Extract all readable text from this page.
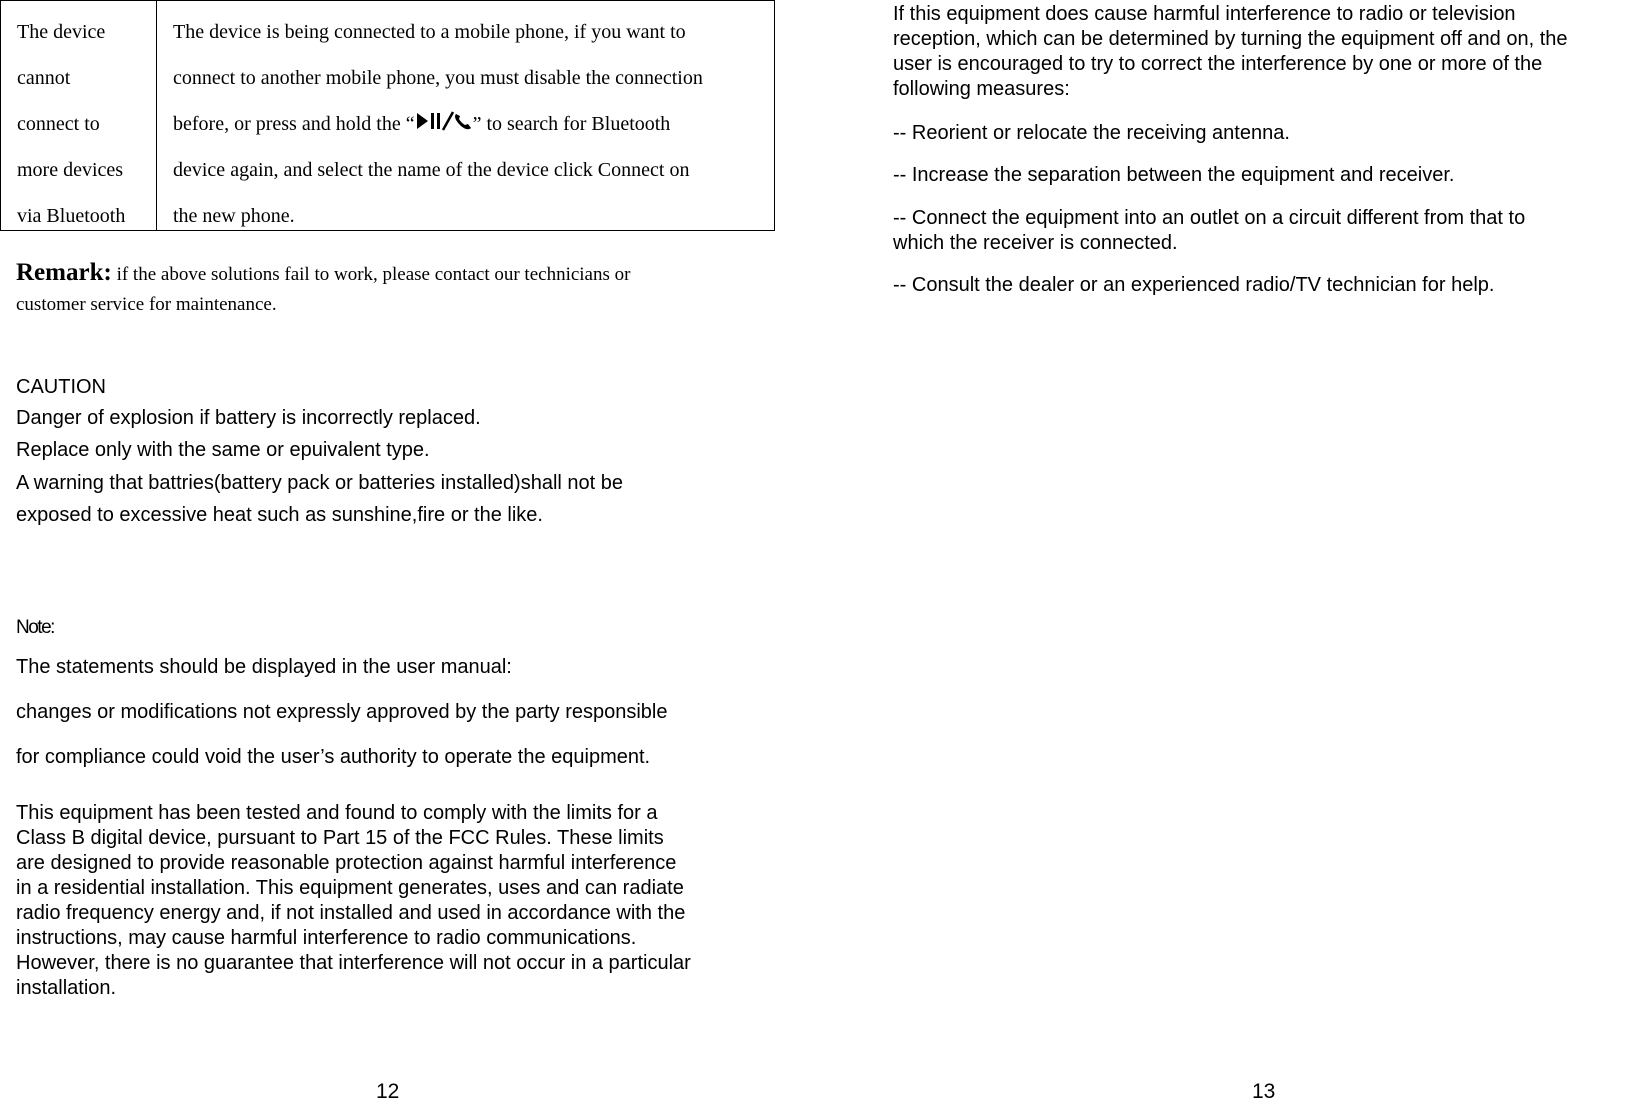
The device
cannot
connect to
more devices
via Bluetooth
The device is being connected to a mobile phone, if you want to
connect to another mobile phone, you must disable the connection
before, or press and hold the “	” to search for Bluetooth
device again, and select the name of the device click Connect on
the new phone.
Remark: if the above solutions fail to work, please contact our technicians or
customer service for maintenance.
CAUTION
Danger of explosion if battery is incorrectly replaced.
Replace only with the same or epuivalent type.
A warning that battries(battery pack or batteries installed)shall not be
exposed to excessive heat such as sunshine,fire or the like.
Note:
The statements should be displayed in the user manual:
changes or modifications not expressly approved by the party responsible
for compliance could void the user’s authority to operate the equipment.
This equipment has been tested and found to comply with the limits for a
Class B digital device, pursuant to Part 15 of the FCC Rules. These limits
are designed to provide reasonable protection against harmful interference
in a residential installation. This equipment generates, uses and can radiate
radio frequency energy and, if not installed and used in accordance with the
instructions, may cause harmful interference to radio communications.
However, there is no guarantee that interference will not occur in a particular
installation.
12
If this equipment does cause harmful interference to radio or television
reception, which can be determined by turning the equipment off and on, the
user is encouraged to try to correct the interference by one or more of the
following measures:
-- Reorient or relocate the receiving antenna.
-- Increase the separation between the equipment and receiver.
-- Connect the equipment into an outlet on a circuit different from that to
which the receiver is connected.
-- Consult the dealer or an experienced radio/TV technician for help.
13
